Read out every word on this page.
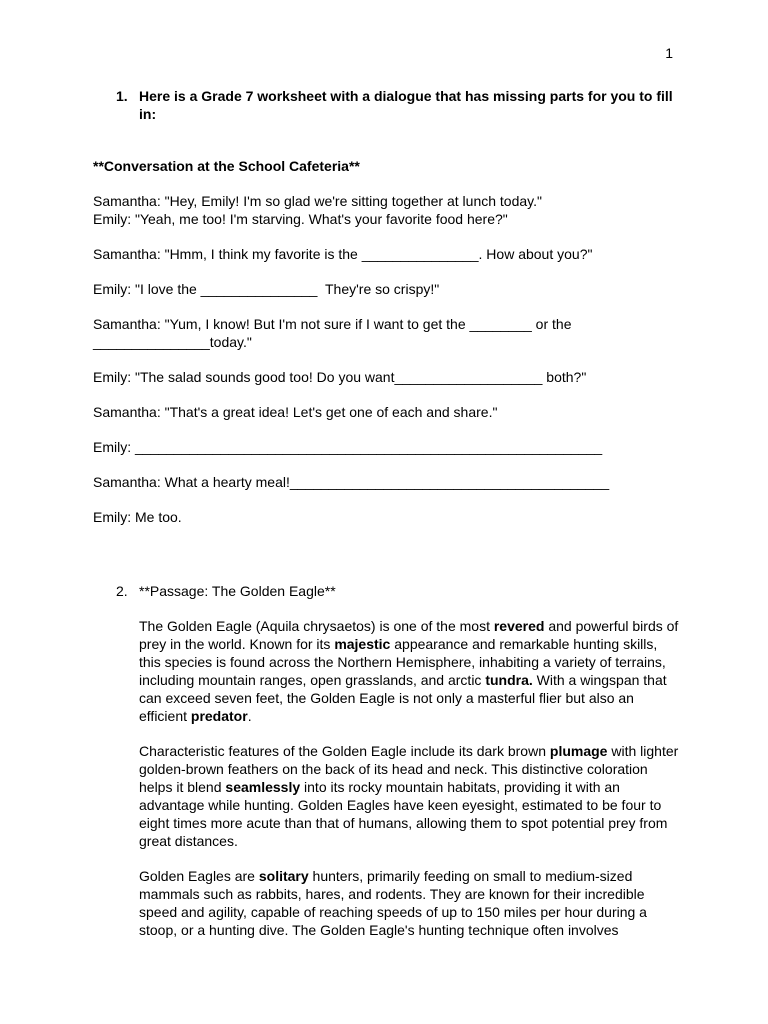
1
1. Here is a Grade 7 worksheet with a dialogue that has missing parts for you to fill in:

**Conversation at the School Cafeteria**

Samantha: "Hey, Emily! I'm so glad we're sitting together at lunch today."

Emily: "Yeah, me too! I'm starving. What's your favorite food here?"

Samantha: "Hmm, I think my favorite is the _______________. How about you?"

Emily: "I love the _______________  They're so crispy!"

Samantha: "Yum, I know! But I'm not sure if I want to get the ________ or the

_______________today."

Emily: "The salad sounds good too! Do you want___________________ both?"

Samantha: "That's a great idea! Let's get one of each and share."

Emily: ____________________________________________________________

Samantha: What a hearty meal!_________________________________________

Emily: Me too.

2. **Passage: The Golden Eagle**

The Golden Eagle (Aquila chrysaetos) is one of the most revered and powerful birds of prey in the world. Known for its majestic appearance and remarkable hunting skills, this species is found across the Northern Hemisphere, inhabiting a variety of terrains, including mountain ranges, open grasslands, and arctic tundra. With a wingspan that can exceed seven feet, the Golden Eagle is not only a masterful flier but also an efficient predator.

Characteristic features of the Golden Eagle include its dark brown plumage with lighter golden-brown feathers on the back of its head and neck. This distinctive coloration helps it blend seamlessly into its rocky mountain habitats, providing it with an advantage while hunting. Golden Eagles have keen eyesight, estimated to be four to eight times more acute than that of humans, allowing them to spot potential prey from great distances.

Golden Eagles are solitary hunters, primarily feeding on small to medium-sized mammals such as rabbits, hares, and rodents. They are known for their incredible speed and agility, capable of reaching speeds of up to 150 miles per hour during a stoop, or a hunting dive. The Golden Eagle's hunting technique often involves
